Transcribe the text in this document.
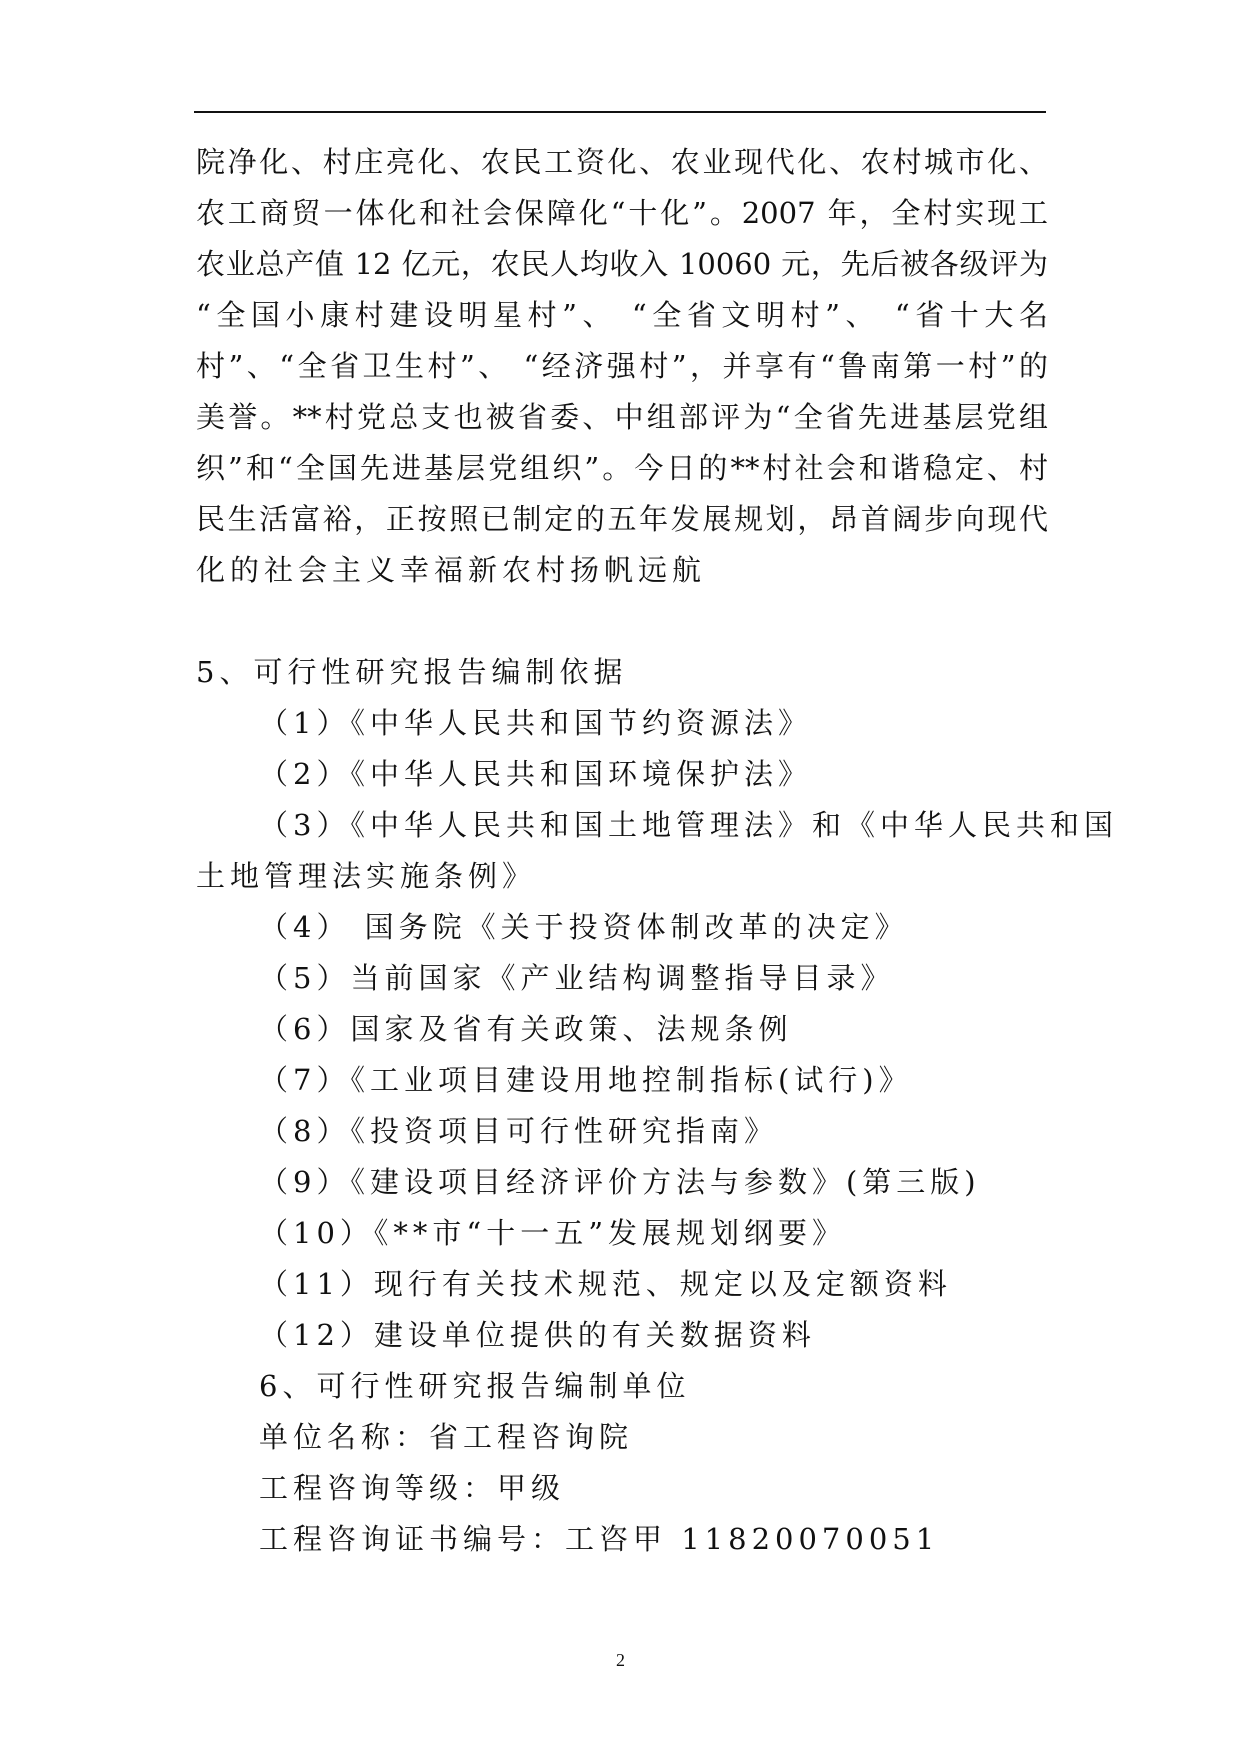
院净化、村庄亮化、农民工资化、农业现代化、农村城市化、
农工商贸一体化和社会保障化“十化”。2007 年，全村实现工
农业总产值 12 亿元，农民人均收入 10060 元，先后被各级评为
“全国小康村建设明星村”、 “全省文明村”、 “省十大名
村”、“全省卫生村”、 “经济强村”，并享有“鲁南第一村”的
美誉。**村党总支也被省委、中组部评为“全省先进基层党组
织”和“全国先进基层党组织”。今日的**村社会和谐稳定、村
民生活富裕，正按照已制定的五年发展规划，昂首阔步向现代
化的社会主义幸福新农村扬帆远航
5、可行性研究报告编制依据
（1）《中华人民共和国节约资源法》
（2）《中华人民共和国环境保护法》
（3）《中华人民共和国土地管理法》和《中华人民共和国
土地管理法实施条例》
（4） 国务院《关于投资体制改革的决定》
（5）当前国家《产业结构调整指导目录》
（6）国家及省有关政策、法规条例
（7）《工业项目建设用地控制指标(试行)》
（8）《投资项目可行性研究指南》
（9）《建设项目经济评价方法与参数》(第三版)
（10）《**市“十一五”发展规划纲要》
（11）现行有关技术规范、规定以及定额资料
（12）建设单位提供的有关数据资料
6、可行性研究报告编制单位
单位名称：省工程咨询院
工程咨询等级：甲级
工程咨询证书编号：工咨甲 11820070051
2
